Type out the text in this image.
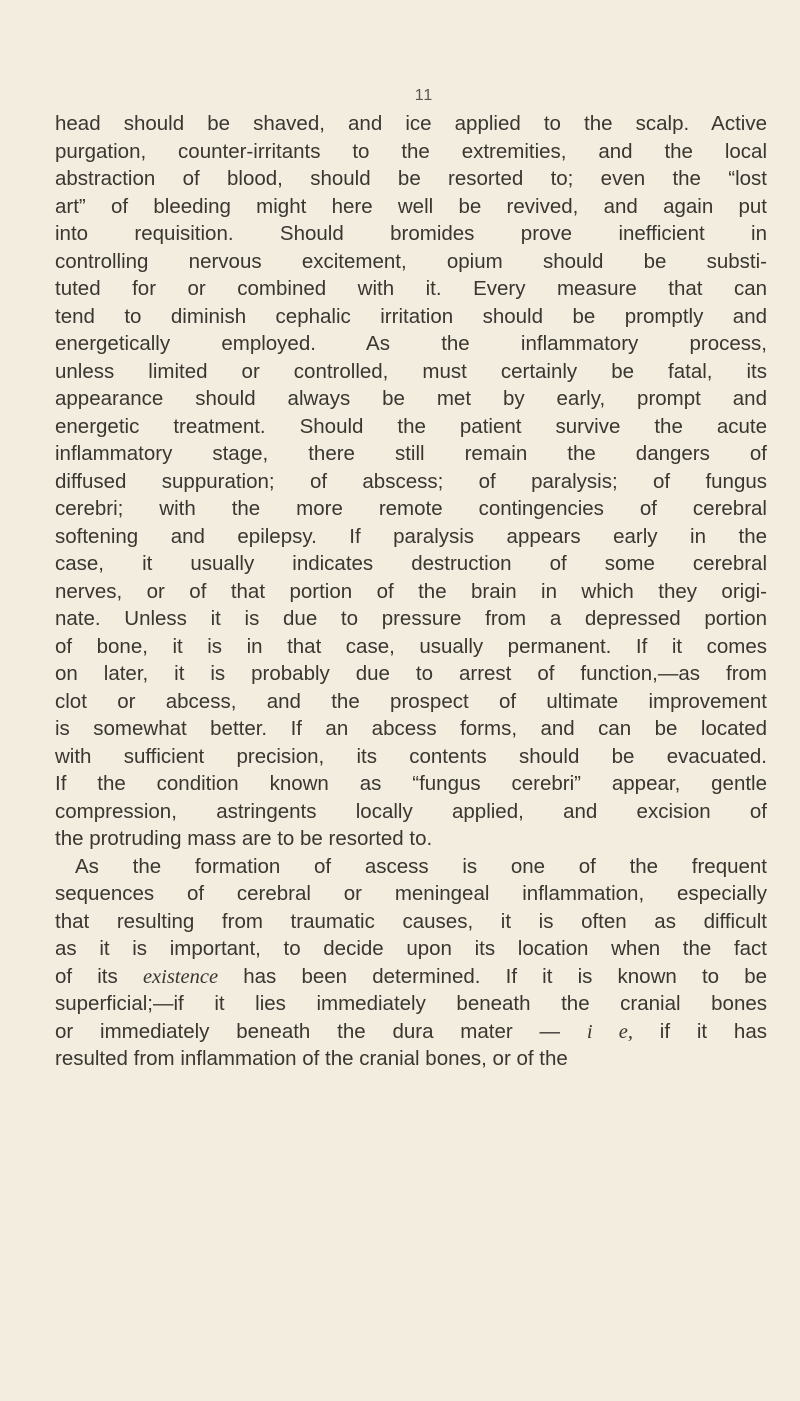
11
head should be shaved, and ice applied to the scalp. Active
purgation, counter-irritants to the extremities, and the local
abstraction of blood, should be resorted to; even the “lost
art” of bleeding might here well be revived, and again put
into requisition. Should bromides prove inefficient in
controlling nervous excitement, opium should be substi-
tuted for or combined with it. Every measure that can
tend to diminish cephalic irritation should be promptly and
energetically employed. As the inflammatory process,
unless limited or controlled, must certainly be fatal, its
appearance should always be met by early, prompt and
energetic treatment. Should the patient survive the acute
inflammatory stage, there still remain the dangers of
diffused suppuration; of abscess; of paralysis; of fungus
cerebri; with the more remote contingencies of cerebral
softening and epilepsy. If paralysis appears early in the
case, it usually indicates destruction of some cerebral
nerves, or of that portion of the brain in which they origi-
nate. Unless it is due to pressure from a depressed portion
of bone, it is in that case, usually permanent. If it comes
on later, it is probably due to arrest of function,—as from
clot or abcess, and the prospect of ultimate improvement
is somewhat better. If an abcess forms, and can be located
with sufficient precision, its contents should be evacuated.
If the condition known as “fungus cerebri” appear, gentle
compression, astringents locally applied, and excision of
the protruding mass are to be resorted to.
As the formation of ascess is one of the frequent
sequences of cerebral or meningeal inflammation, especially
that resulting from traumatic causes, it is often as difficult
as it is important, to decide upon its location when the fact
of its existence has been determined. If it is known to be
superficial;—if it lies immediately beneath the cranial bones
or immediately beneath the dura mater — i e, if it has
resulted from inflammation of the cranial bones, or of the
